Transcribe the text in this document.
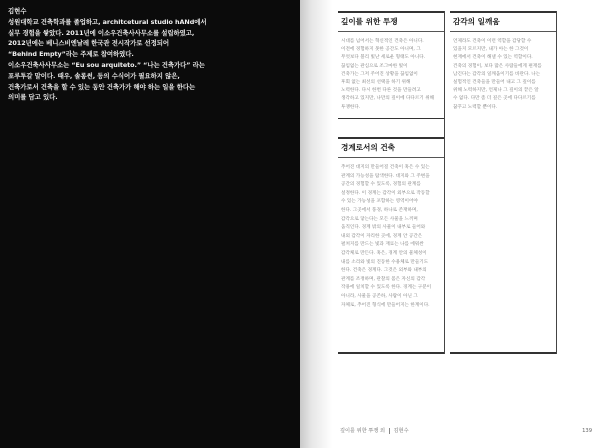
김현수

성원대학교 건축학과를 졸업하고, architcetural studio hANd에서

실무 경험을 쌓았다. 2011년에 이소우건축사사무소를 설립하였고,

2012년에는 베니스비엔날레 한국관 전시작가로 선정되어

“Behind Empty”라는 주제로 참여하였다.

이소우건축사사무소는 “Eu sou arquiteto.” “나는 건축가다” 라는

포루투갈 말이다. 때우, 솔롱썬, 등의 수식어가 필요하지 않은,

건축가로서 건축을 할 수 있는 동안 건축가가 해야 하는 일을 한다는

의미를 담고 있다.

깊이를 위한 투쟁
시대를 넘어서는 혁신적인 건축은 아니다.
이전에 경험하지 못한 공간도 아니며, 그
무엇보다 블리 빛난 세로운 형태도 아니다.
끊임없는 관심으로 조그마한 빛이
건축가는 그저 주어진 상황을 끊임없이
후회 없는 최선의 선택을 하기 위해
노력한다. 다시 한번 다른 것을 만들려고
생각하고 있지만, 나만의 깊이에 다다르기 위해
투쟁한다.
경계로서의 건축
추어진 대지의 만들어질 건축이 혹은 수 있는
관계의 가능성을 탐색한다. 대지와 그 주변을
공간의 경험할 수 있도록, 경험의 관계를
설정한다. 이 경계는 감각이 외부으로 작동할
수 있는 가능성을 포함하는 영역이어야
한다. 그곳에서 풍경, 하나로 존재하며,
감각으로 닿는다는 모든 사물을 느끼며
움직인다. 경계 밖의 사물이 내부로 들어와
내외 감각이 자리한 곳에, 경계 안 공간은
펼쳐지를 만드는 빛과 재료는 나를 에워싼
감각체로 만든다. 혹은, 경계 안의 물체성이
내를 소리와 빛의 진동한 수용체로 만들기도
한다. 건축은 경계다. 그것은 외부와 내부의
관계를 조정하며, 관찰의 몸은 자신의 감각
작용에 일치할 수 있도록 한다. 경계는 구분이
아니라, 사물을 공존하, 사람이 아닌 그
자체로, 추어진 형식에 만들어지는 한계이다.
감각의 일깨움
언제라도 건축이 이런 역할을 감당할 수
있을지 모르지만, 내가 아는 한 그것이
현재에서 건축이 해낼 수 있는 역할이다.
건축의 경험이, 보다 많은 사람들에게 편재를
남긴다는 감각의 일깨움이기를 바란다. 나는
실험적인 건축들을 만들어 내고 그 깊이를
위해 노력하지만, 언제나 그 깊이의 끝은 알
수 없다. 다만 좀 더 깊은 곳에 다다르기를
꿈꾸고 노력할 뿐이다.
깊이를 위한 투쟁 외 김현수	139
